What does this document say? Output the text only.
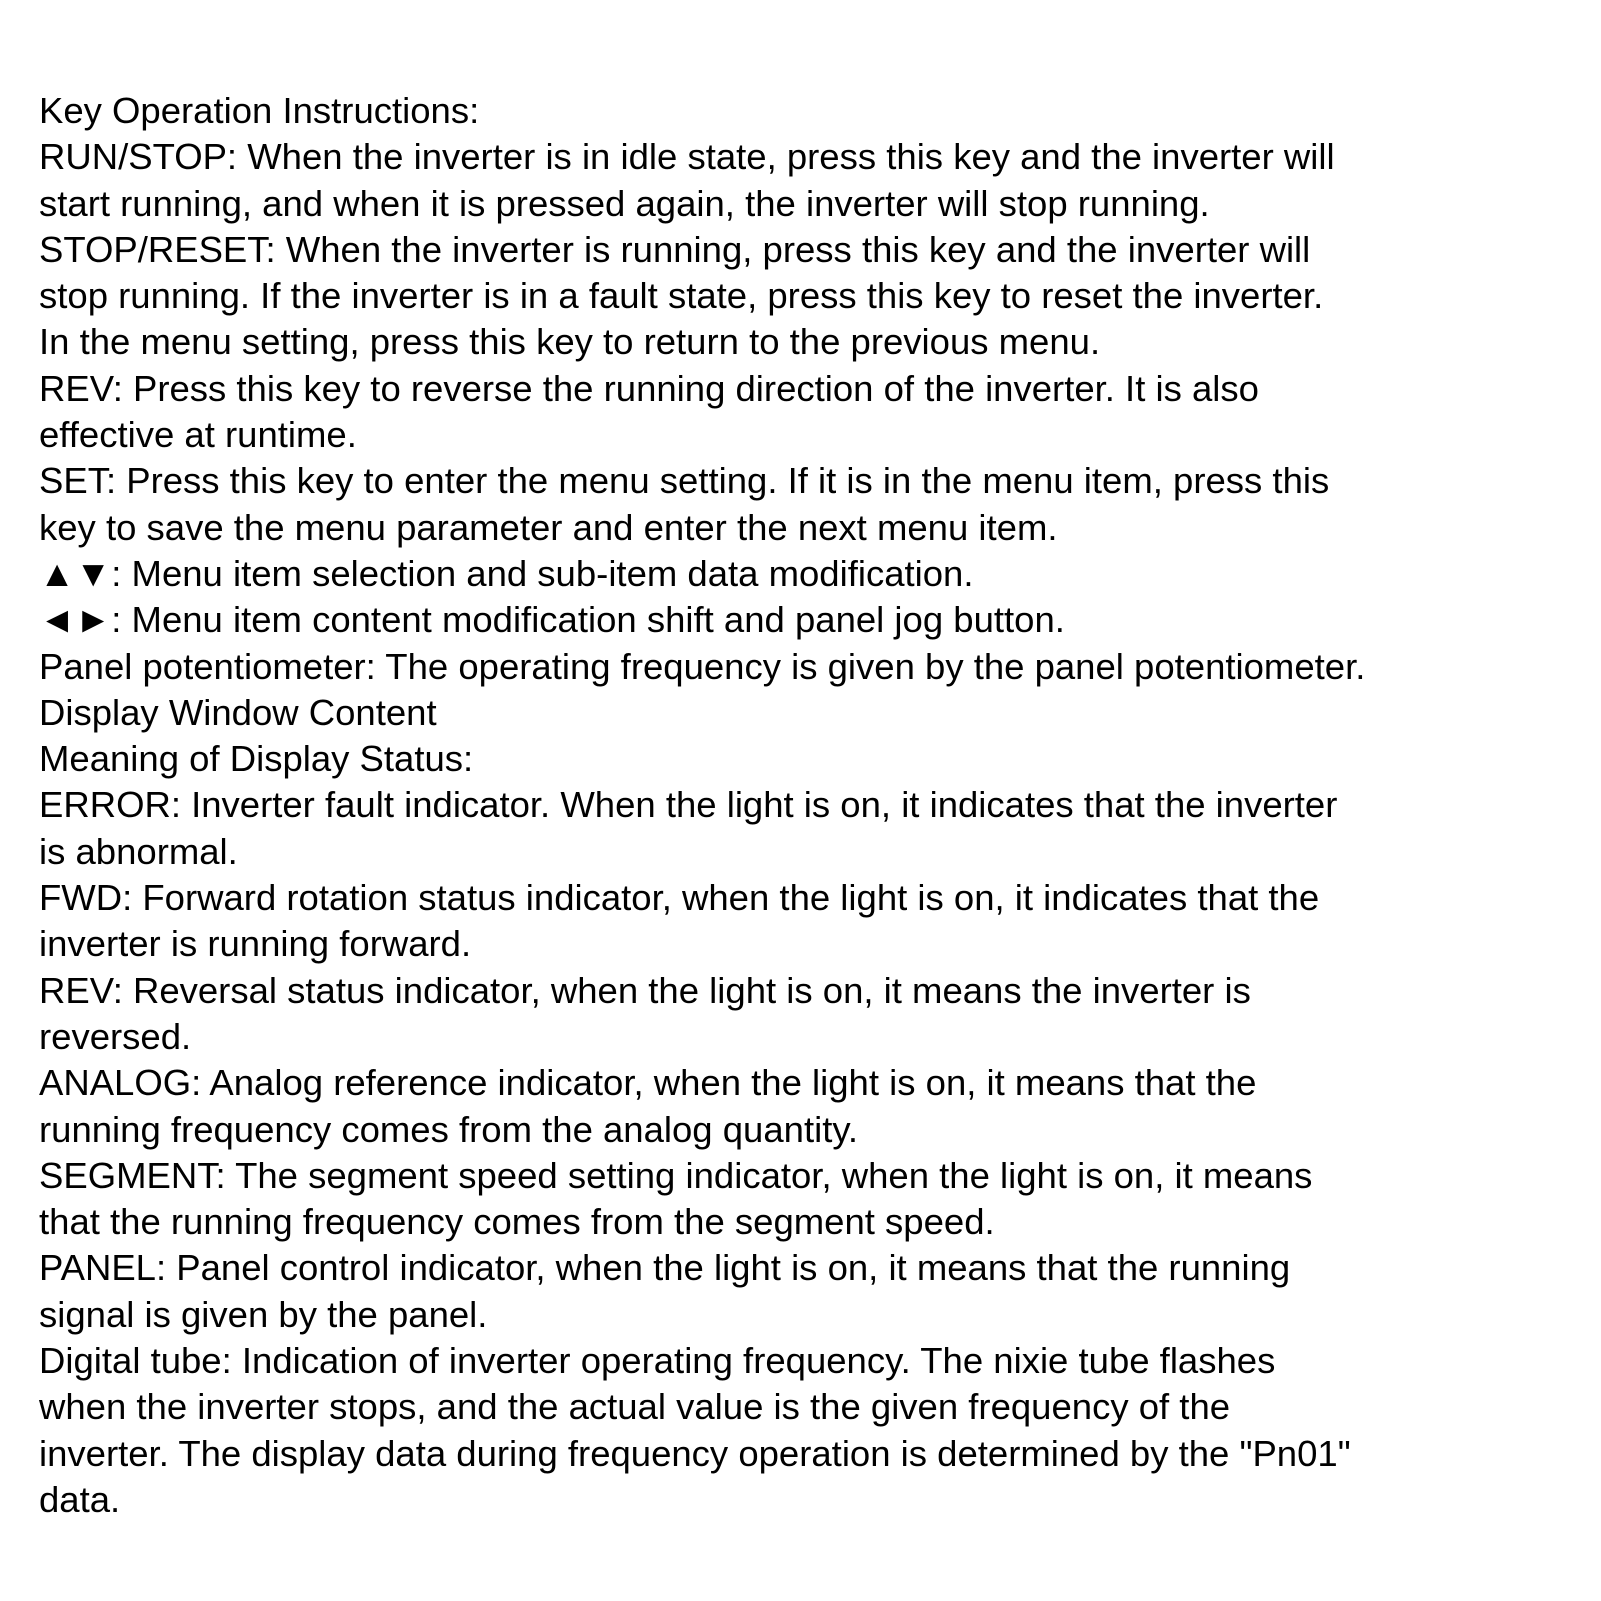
Key Operation Instructions:
RUN/STOP: When the inverter is in idle state, press this key and the inverter will
start running, and when it is pressed again, the inverter will stop running.
STOP/RESET: When the inverter is running, press this key and the inverter will
stop running. If the inverter is in a fault state, press this key to reset the inverter.
In the menu setting, press this key to return to the previous menu.
REV: Press this key to reverse the running direction of the inverter. It is also
effective at runtime.
SET: Press this key to enter the menu setting. If it is in the menu item, press this
key to save the menu parameter and enter the next menu item.
▲▼: Menu item selection and sub-item data modification.
◄►: Menu item content modification shift and panel jog button.
Panel potentiometer: The operating frequency is given by the panel potentiometer.
Display Window Content
Meaning of Display Status:
ERROR: Inverter fault indicator. When the light is on, it indicates that the inverter
is abnormal.
FWD: Forward rotation status indicator, when the light is on, it indicates that the
inverter is running forward.
REV: Reversal status indicator, when the light is on, it means the inverter is
reversed.
ANALOG: Analog reference indicator, when the light is on, it means that the
running frequency comes from the analog quantity.
SEGMENT: The segment speed setting indicator, when the light is on, it means
that the running frequency comes from the segment speed.
PANEL: Panel control indicator, when the light is on, it means that the running
signal is given by the panel.
Digital tube: Indication of inverter operating frequency. The nixie tube flashes
when the inverter stops, and the actual value is the given frequency of the
inverter. The display data during frequency operation is determined by the "Pn01"
data.
